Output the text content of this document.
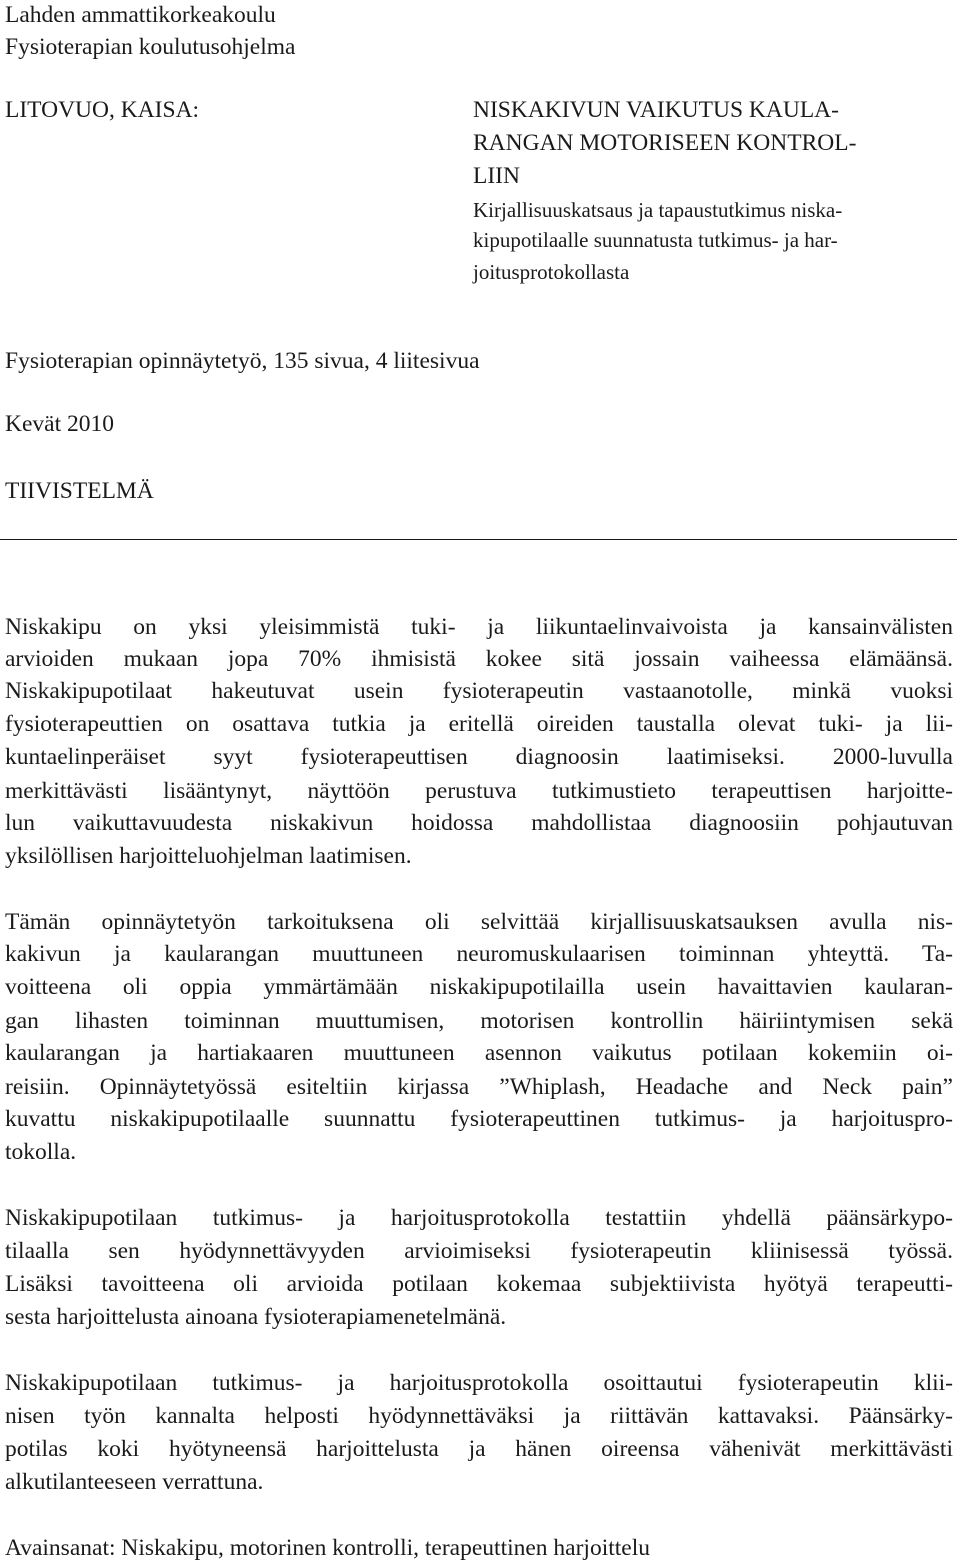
Lahden ammattikorkeakoulu
Fysioterapian koulutusohjelma
LITOVUO, KAISA:	NISKAKIVUN VAIKUTUS KAULA-
RANGAN MOTORISEEN KONTROL-
LIIN
Kirjallisuuskatsaus ja tapaustutkimus niska-
kipupotilaalle suunnatusta tutkimus- ja har-
joitusprotokollasta
Fysioterapian opinnäytetyö, 135 sivua, 4 liitesivua
Kevät 2010
TIIVISTELMÄ
Niskakipu on yksi yleisimmistä tuki- ja liikuntaelinvaivoista ja kansainvälisten
arvioiden mukaan jopa 70% ihmisistä kokee sitä jossain vaiheessa elämäänsä.
Niskakipupotilaat hakeutuvat usein fysioterapeutin vastaanotolle, minkä vuoksi
fysioterapeuttien on osattava tutkia ja eritellä oireiden taustalla olevat tuki- ja lii-
kuntaelinperäiset syyt fysioterapeuttisen diagnoosin laatimiseksi. 2000-luvulla
merkittävästi lisääntynyt, näyttöön perustuva tutkimustieto terapeuttisen harjoitte-
lun vaikuttavuudesta niskakivun hoidossa mahdollistaa diagnoosiin pohjautuvan
yksilöllisen harjoitteluohjelman laatimisen.
Tämän opinnäytetyön tarkoituksena oli selvittää kirjallisuuskatsauksen avulla nis-
kakivun ja kaularangan muuttuneen neuromuskulaarisen toiminnan yhteyttä. Ta-
voitteena oli oppia ymmärtämään niskakipupotilailla usein havaittavien kaularan-
gan lihasten toiminnan muuttumisen, motorisen kontrollin häiriintymisen sekä
kaularangan ja hartiakaaren muuttuneen asennon vaikutus potilaan kokemiin oi-
reisiin. Opinnäytetyössä esiteltiin kirjassa ”Whiplash, Headache and Neck pain”
kuvattu niskakipupotilaalle suunnattu fysioterapeuttinen tutkimus- ja harjoituspro-
tokolla.
Niskakipupotilaan tutkimus- ja harjoitusprotokolla testattiin yhdellä päänsärkypo-
tilaalla sen hyödynnettävyyden arvioimiseksi fysioterapeutin kliinisessä työssä.
Lisäksi tavoitteena oli arvioida potilaan kokemaa subjektiivista hyötyä terapeutti-
sesta harjoittelusta ainoana fysioterapiamenetelmänä.
Niskakipupotilaan tutkimus- ja harjoitusprotokolla osoittautui fysioterapeutin klii-
nisen työn kannalta helposti hyödynnettäväksi ja riittävän kattavaksi. Päänsärky-
potilas koki hyötyneensä harjoittelusta ja hänen oireensa vähenivät merkittävästi
alkutilanteeseen verrattuna.
Avainsanat: Niskakipu, motorinen kontrolli, terapeuttinen harjoittelu
